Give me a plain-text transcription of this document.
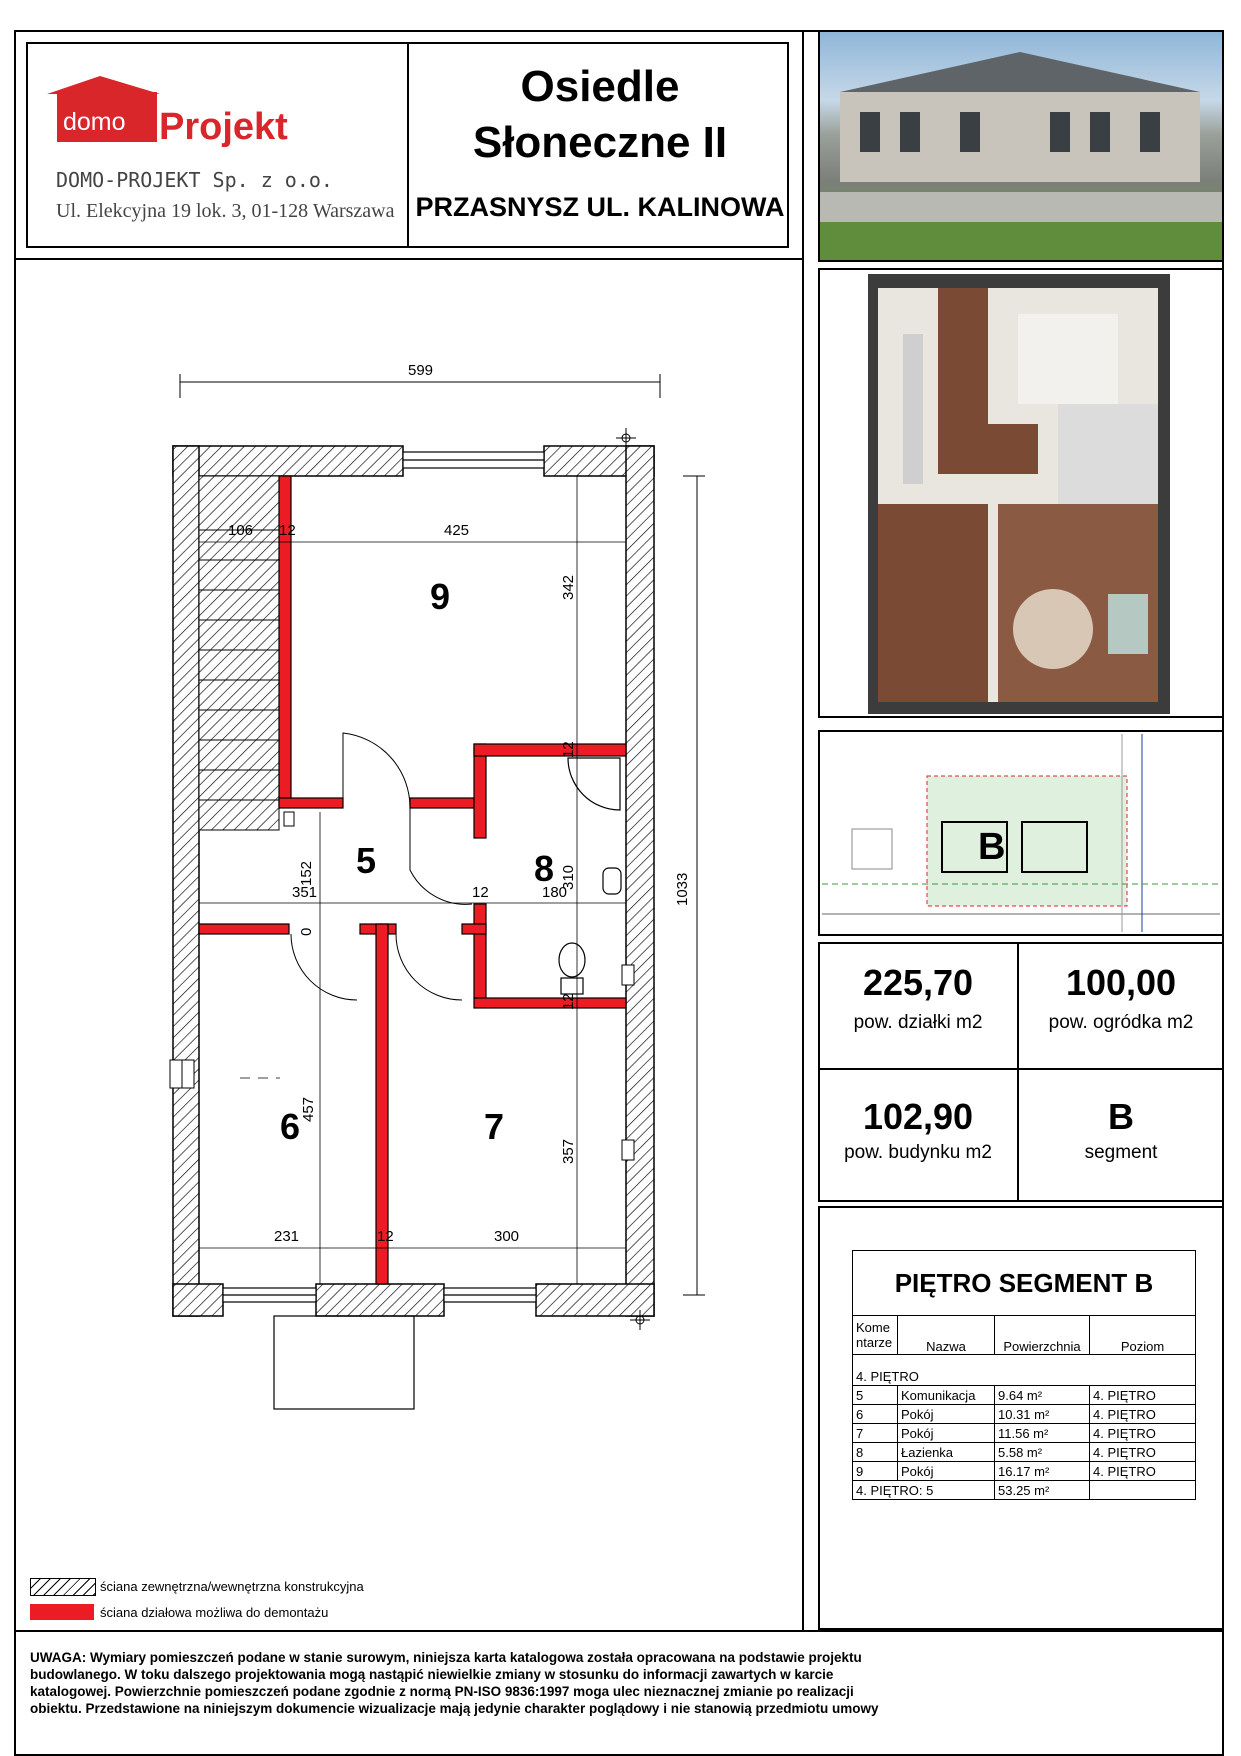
domo Projekt
DOMO-PROJEKT Sp. z o.o.
Ul. Elekcyjna 19 lok. 3, 01-128 Warszawa
Osiedle
Słoneczne II
PRZASNYSZ UL. KALINOWA
B
225,70
pow. działki m2
100,00
pow. ogródka m2
102,90
pow. budynku m2
B
segment
PIĘTRO SEGMENT B
Kome
ntarze	Nazwa	Powierzchnia	Poziom

4. PIĘTRO			
5	Komunikacja	9.64 m²	4. PIĘTRO
6	Pokój	10.31 m²	4. PIĘTRO
7	Pokój	11.56 m²	4. PIĘTRO
8	Łazienka	5.58 m²	4. PIĘTRO
9	Pokój	16.17 m²	4. PIĘTRO
4. PIĘTRO: 5		53.25 m²	
599
106 12	425
342
12
152
351	12	180
310
0
12
457
357
231	12	300
1033
9
5	8
6	7
ściana zewnętrzna/wewnętrzna konstrukcyjna
ściana działowa możliwa do demontażu
UWAGA: Wymiary pomieszczeń podane w stanie surowym, niniejsza karta katalogowa została opracowana na podstawie projektu
budowlanego. W toku dalszego projektowania mogą nastąpić niewielkie zmiany w stosunku do informacji zawartych w karcie
katalogowej. Powierzchnie pomieszczeń podane zgodnie z normą PN-ISO 9836:1997 moga ulec nieznacznej zmianie po realizacji
obiektu. Przedstawione na niniejszym dokumencie wizualizacje mają jedynie charakter poglądowy i nie stanowią przedmiotu umowy
